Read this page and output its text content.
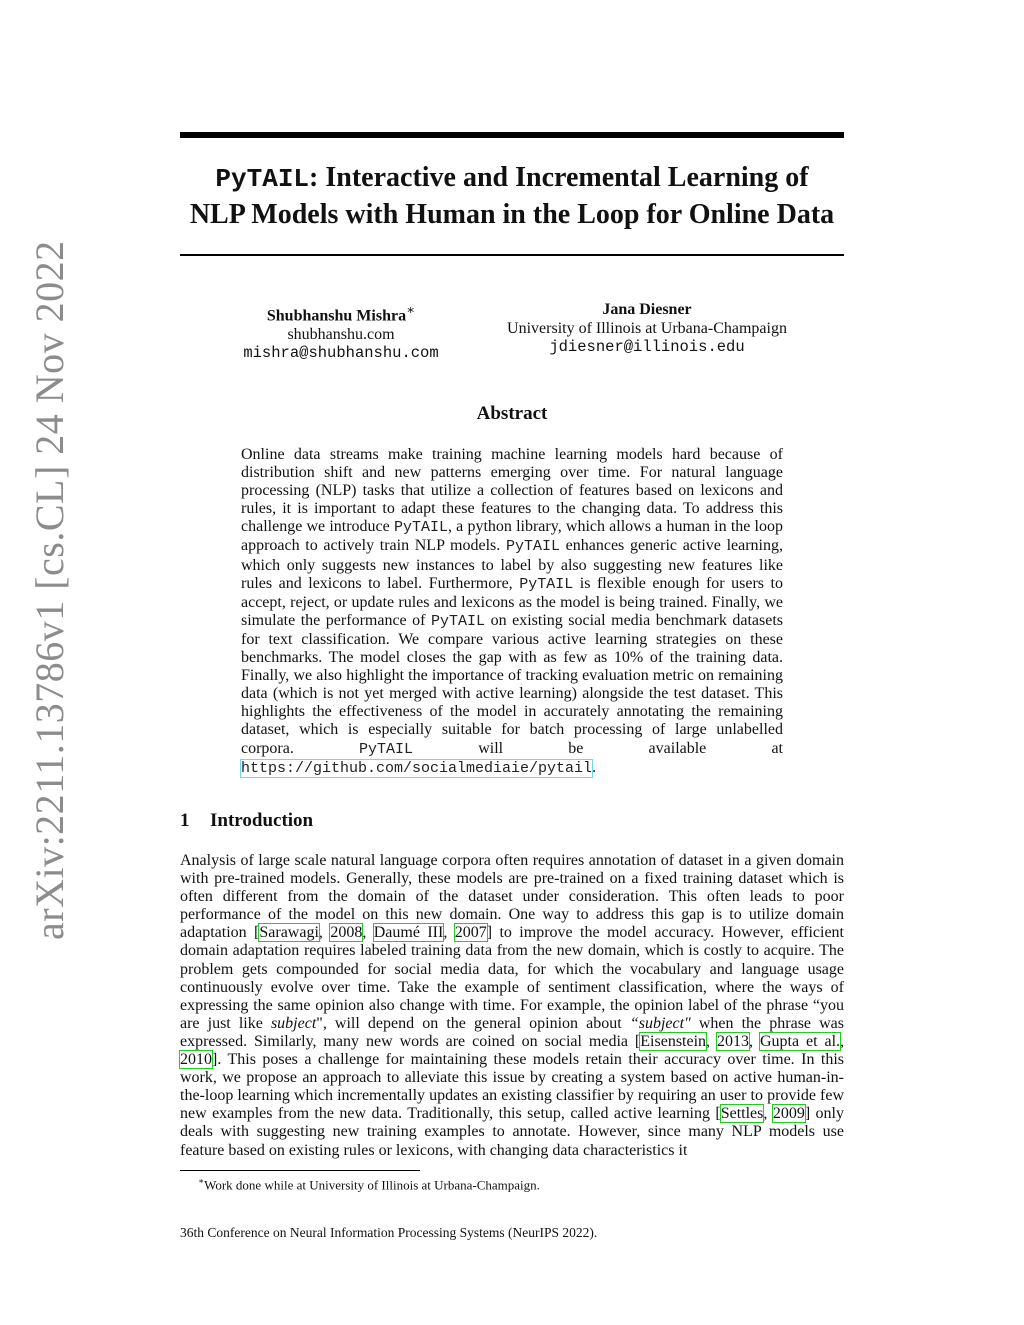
arXiv:2211.13786v1 [cs.CL] 24 Nov 2022
PyTAIL: Interactive and Incremental Learning of
NLP Models with Human in the Loop for Online Data
Shubhanshu Mishra∗
shubhanshu.com
mishra@shubhanshu.com
Jana Diesner
University of Illinois at Urbana-Champaign
jdiesner@illinois.edu
Abstract
Online data streams make training machine learning models hard because of distribution shift and new patterns emerging over time. For natural language processing (NLP) tasks that utilize a collection of features based on lexicons and rules, it is important to adapt these features to the changing data. To address this challenge we introduce PyTAIL, a python library, which allows a human in the loop approach to actively train NLP models. PyTAIL enhances generic active learning, which only suggests new instances to label by also suggesting new features like rules and lexicons to label. Furthermore, PyTAIL is flexible enough for users to accept, reject, or update rules and lexicons as the model is being trained. Finally, we simulate the performance of PyTAIL on existing social media benchmark datasets for text classification. We compare various active learning strategies on these benchmarks. The model closes the gap with as few as 10% of the training data. Finally, we also highlight the importance of tracking evaluation metric on remaining data (which is not yet merged with active learning) alongside the test dataset. This highlights the effectiveness of the model in accurately annotating the remaining dataset, which is especially suitable for batch processing of large unlabelled corpora. PyTAIL will be available at https://github.com/socialmediaie/pytail.
1 Introduction
Analysis of large scale natural language corpora often requires annotation of dataset in a given domain with pre-trained models. Generally, these models are pre-trained on a fixed training dataset which is often different from the domain of the dataset under consideration. This often leads to poor performance of the model on this new domain. One way to address this gap is to utilize domain adaptation [Sarawagi, 2008, Daumé III, 2007] to improve the model accuracy. However, efficient domain adaptation requires labeled training data from the new domain, which is costly to acquire. The problem gets compounded for social media data, for which the vocabulary and language usage continuously evolve over time. Take the example of sentiment classification, where the ways of expressing the same opinion also change with time. For example, the opinion label of the phrase “you are just like subject", will depend on the general opinion about “subject" when the phrase was expressed. Similarly, many new words are coined on social media [Eisenstein, 2013, Gupta et al., 2010]. This poses a challenge for maintaining these models retain their accuracy over time. In this work, we propose an approach to alleviate this issue by creating a system based on active human-in-the-loop learning which incrementally updates an existing classifier by requiring an user to provide few new examples from the new data. Traditionally, this setup, called active learning [Settles, 2009] only deals with suggesting new training examples to annotate. However, since many NLP models use feature based on existing rules or lexicons, with changing data characteristics it
∗Work done while at University of Illinois at Urbana-Champaign.
36th Conference on Neural Information Processing Systems (NeurIPS 2022).
